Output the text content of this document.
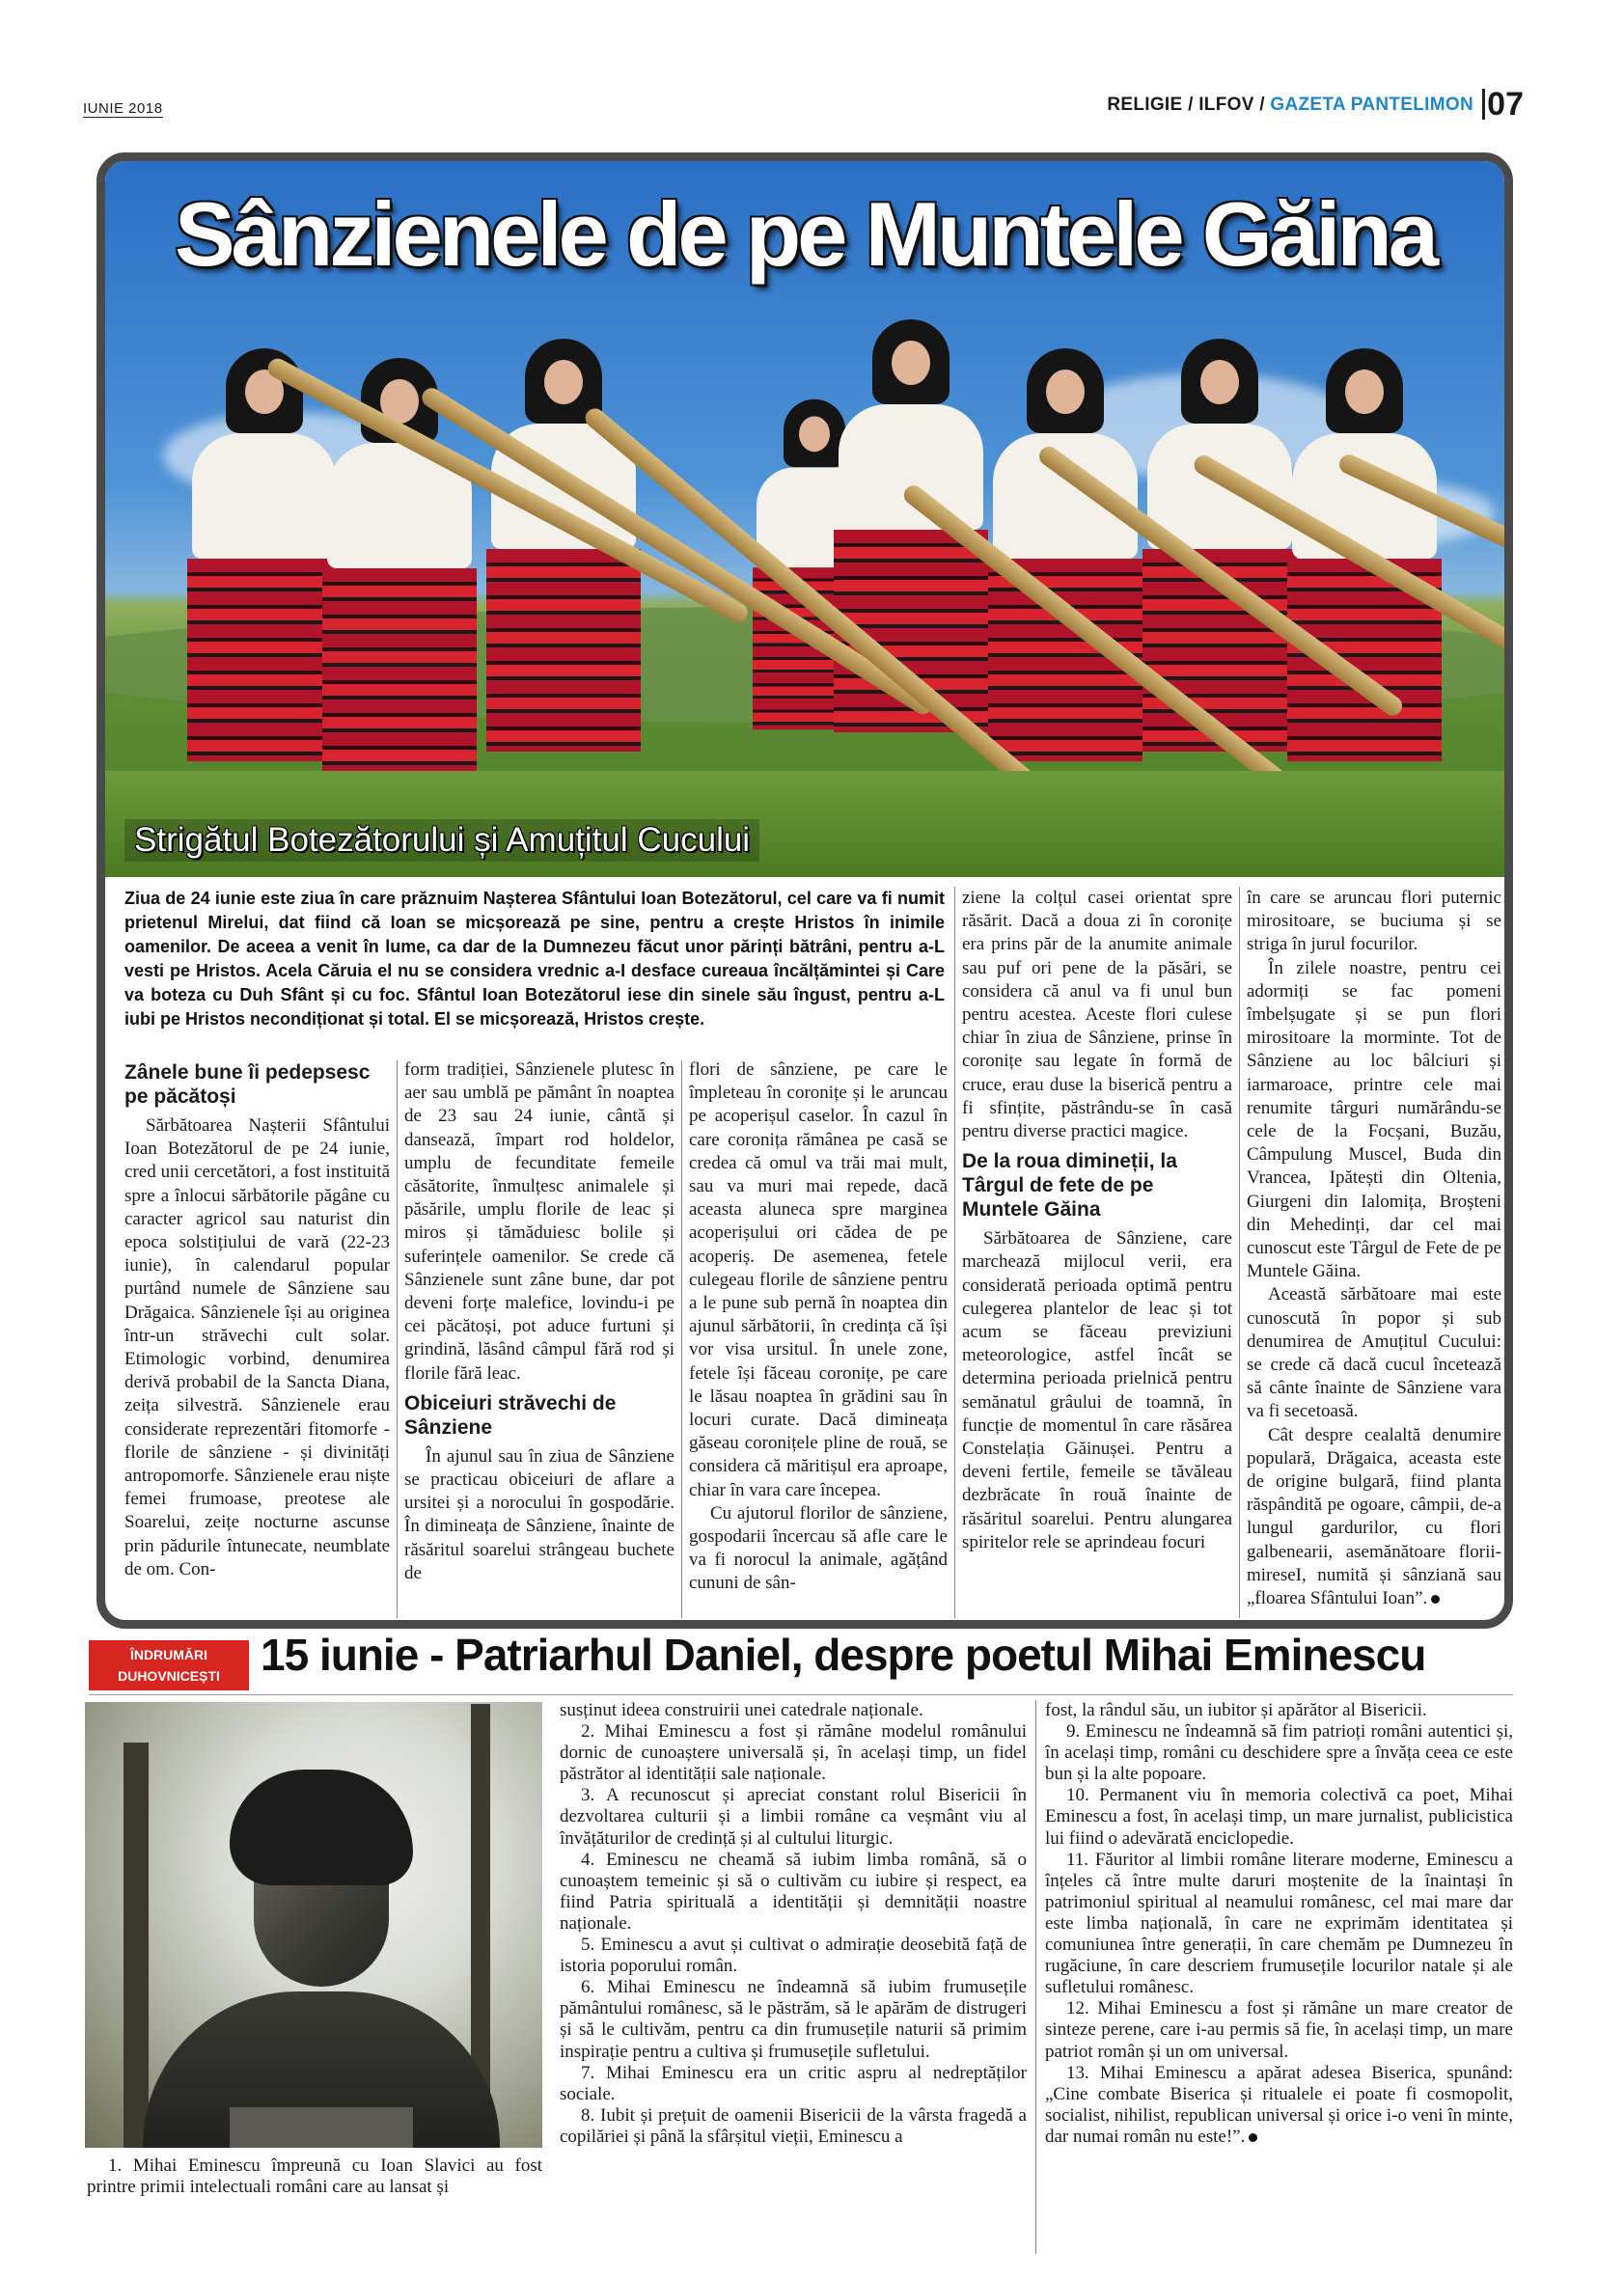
IUNIE 2018	RELIGIE / ILFOV / GAZETA PANTELIMON 07
Sânzienele de pe Muntele Găina
Strigătul Botezătorului și Amuțitul Cucului

Ziua de 24 iunie este ziua în care prăznuim Nașterea Sfântului Ioan Botezătorul, cel care va fi numit prietenul Mirelui, dat fiind că Ioan se micșorează pe sine, pentru a crește Hristos în inimile oamenilor. De aceea a venit în lume, ca dar de la Dumnezeu făcut unor părinți bătrâni, pentru a-L vesti pe Hristos. Acela Căruia el nu se considera vrednic a-I desface cureaua încălțămintei și Care va boteza cu Duh Sfânt și cu foc. Sfântul Ioan Botezătorul iese din sinele său îngust, pentru a-L iubi pe Hristos necondiționat și total. El se micșorează, Hristos crește.

Zânele bune îi pedepsesc pe păcătoși

Sărbătoarea Nașterii Sfântului Ioan Botezătorul de pe 24 iunie, cred unii cercetători, a fost instituită spre a înlocui sărbătorile păgâne cu caracter agricol sau naturist din epoca solstițiului de vară (22-23 iunie), în calendarul popular purtând numele de Sânziene sau Drăgaica. Sânzienele își au originea într-un străvechi cult solar. Etimologic vorbind, denumirea derivă probabil de la Sancta Diana, zeița silvestră. Sânzienele erau considerate reprezentări fitomorfe - florile de sânziene - și divinități antropomorfe. Sânzienele erau niște femei frumoase, preotese ale Soarelui, zeițe nocturne ascunse prin pădurile întunecate, neumblate de om. Con-

form tradiției, Sânzienele plutesc în aer sau umblă pe pământ în noaptea de 23 sau 24 iunie, cântă și dansează, împart rod holdelor, umplu de fecunditate femeile căsătorite, înmulțesc animalele și păsările, umplu florile de leac și miros și tămăduiesc bolile și suferințele oamenilor. Se crede că Sânzienele sunt zâne bune, dar pot deveni forțe malefice, lovindu-i pe cei păcătoși, pot aduce furtuni și grindină, lăsând câmpul fără rod și florile fără leac.

Obiceiuri străvechi de Sânziene

În ajunul sau în ziua de Sânziene se practicau obiceiuri de aflare a ursitei și a norocului în gospodărie. În dimineața de Sânziene, înainte de răsăritul soarelui strângeau buchete de

flori de sânziene, pe care le împleteau în coronițe și le aruncau pe acoperișul caselor. În cazul în care coronița rămânea pe casă se credea că omul va trăi mai mult, sau va muri mai repede, dacă aceasta aluneca spre marginea acoperișului ori cădea de pe acoperiș. De asemenea, fetele culegeau florile de sânziene pentru a le pune sub pernă în noaptea din ajunul sărbătorii, în credința că își vor visa ursitul. În unele zone, fetele își făceau coronițe, pe care le lăsau noaptea în grădini sau în locuri curate. Dacă dimineața găseau coronițele pline de rouă, se considera că măritișul era aproape, chiar în vara care începea.

Cu ajutorul florilor de sânziene, gospodarii încercau să afle care le va fi norocul la animale, agățând cununi de sân-

ziene la colțul casei orientat spre răsărit. Dacă a doua zi în coronițe era prins păr de la anumite animale sau puf ori pene de la păsări, se considera că anul va fi unul bun pentru acestea. Aceste flori culese chiar în ziua de Sânziene, prinse în coronițe sau legate în formă de cruce, erau duse la biserică pentru a fi sfințite, păstrându-se în casă pentru diverse practici magice.

De la roua dimineții, la Târgul de fete de pe Muntele Găina

Sărbătoarea de Sânziene, care marchează mijlocul verii, era considerată perioada optimă pentru culegerea plantelor de leac și tot acum se făceau previziuni meteorologice, astfel încât se determina perioada prielnică pentru semănatul grâului de toamnă, în funcție de momentul în care răsărea Constelația Găinușei. Pentru a deveni fertile, femeile se tăvăleau dezbrăcate în rouă înainte de răsăritul soarelui. Pentru alungarea spiritelor rele se aprindeau focuri

în care se aruncau flori puternic mirositoare, se buciuma și se striga în jurul focurilor.

În zilele noastre, pentru cei adormiți se fac pomeni îmbelșugate și se pun flori mirositoare la morminte. Tot de Sânziene au loc bâlciuri și iarmaroace, printre cele mai renumite târguri numărându-se cele de la Focșani, Buzău, Câmpulung Muscel, Buda din Vrancea, Ipătești din Oltenia, Giurgeni din Ialomița, Broșteni din Mehedinți, dar cel mai cunoscut este Târgul de Fete de pe Muntele Găina.

Această sărbătoare mai este cunoscută în popor și sub denumirea de Amuțitul Cucului: se crede că dacă cucul încetează să cânte înainte de Sânziene vara va fi secetoasă.

Cât despre cealaltă denumire populară, Drăgaica, aceasta este de origine bulgară, fiind planta răspândită pe ogoare, câmpii, de-a lungul gardurilor, cu flori galbenearii, asemănătoare florii-mireseI, numită și sânziană sau „floarea Sfântului Ioan”.

ÎNDRUMĂRI
DUHOVNICEȘTI 15 iunie - Patriarhul Daniel, despre poetul Mihai Eminescu

1. Mihai Eminescu împreună cu Ioan Slavici au fost printre primii intelectuali români care au lansat și

susținut ideea construirii unei catedrale naționale.

2. Mihai Eminescu a fost și rămâne modelul românului dornic de cunoaștere universală și, în același timp, un fidel păstrător al identității sale naționale.

3. A recunoscut și apreciat constant rolul Bisericii în dezvoltarea culturii și a limbii române ca veșmânt viu al învățăturilor de credință și al cultului liturgic.

4. Eminescu ne cheamă să iubim limba română, să o cunoaștem temeinic și să o cultivăm cu iubire și respect, ea fiind Patria spirituală a identității și demnității noastre naționale.

5. Eminescu a avut și cultivat o admirație deosebită față de istoria poporului român.

6. Mihai Eminescu ne îndeamnă să iubim frumusețile pământului românesc, să le păstrăm, să le apărăm de distrugeri și să le cultivăm, pentru ca din frumusețile naturii să primim inspirație pentru a cultiva și frumusețile sufletului.

7. Mihai Eminescu era un critic aspru al nedreptăților sociale.

8. Iubit și prețuit de oamenii Bisericii de la vârsta fragedă a copilăriei și până la sfârșitul vieții, Eminescu a

fost, la rândul său, un iubitor și apărător al Bisericii.

9. Eminescu ne îndeamnă să fim patrioți români autentici și, în același timp, români cu deschidere spre a învăța ceea ce este bun și la alte popoare.

10. Permanent viu în memoria colectivă ca poet, Mihai Eminescu a fost, în același timp, un mare jurnalist, publicistica lui fiind o adevărată enciclopedie.

11. Făuritor al limbii române literare moderne, Eminescu a înțeles că între multe daruri moștenite de la înaintași în patrimoniul spiritual al neamului românesc, cel mai mare dar este limba națională, în care ne exprimăm identitatea și comuniunea între generații, în care chemăm pe Dumnezeu în rugăciune, în care descriem frumusețile locurilor natale și ale sufletului românesc.

12. Mihai Eminescu a fost și rămâne un mare creator de sinteze perene, care i-au permis să fie, în același timp, un mare patriot român și un om universal.

13. Mihai Eminescu a apărat adesea Biserica, spunând: „Cine combate Biserica și ritualele ei poate fi cosmopolit, socialist, nihilist, republican universal și orice i-o veni în minte, dar numai român nu este!”.
